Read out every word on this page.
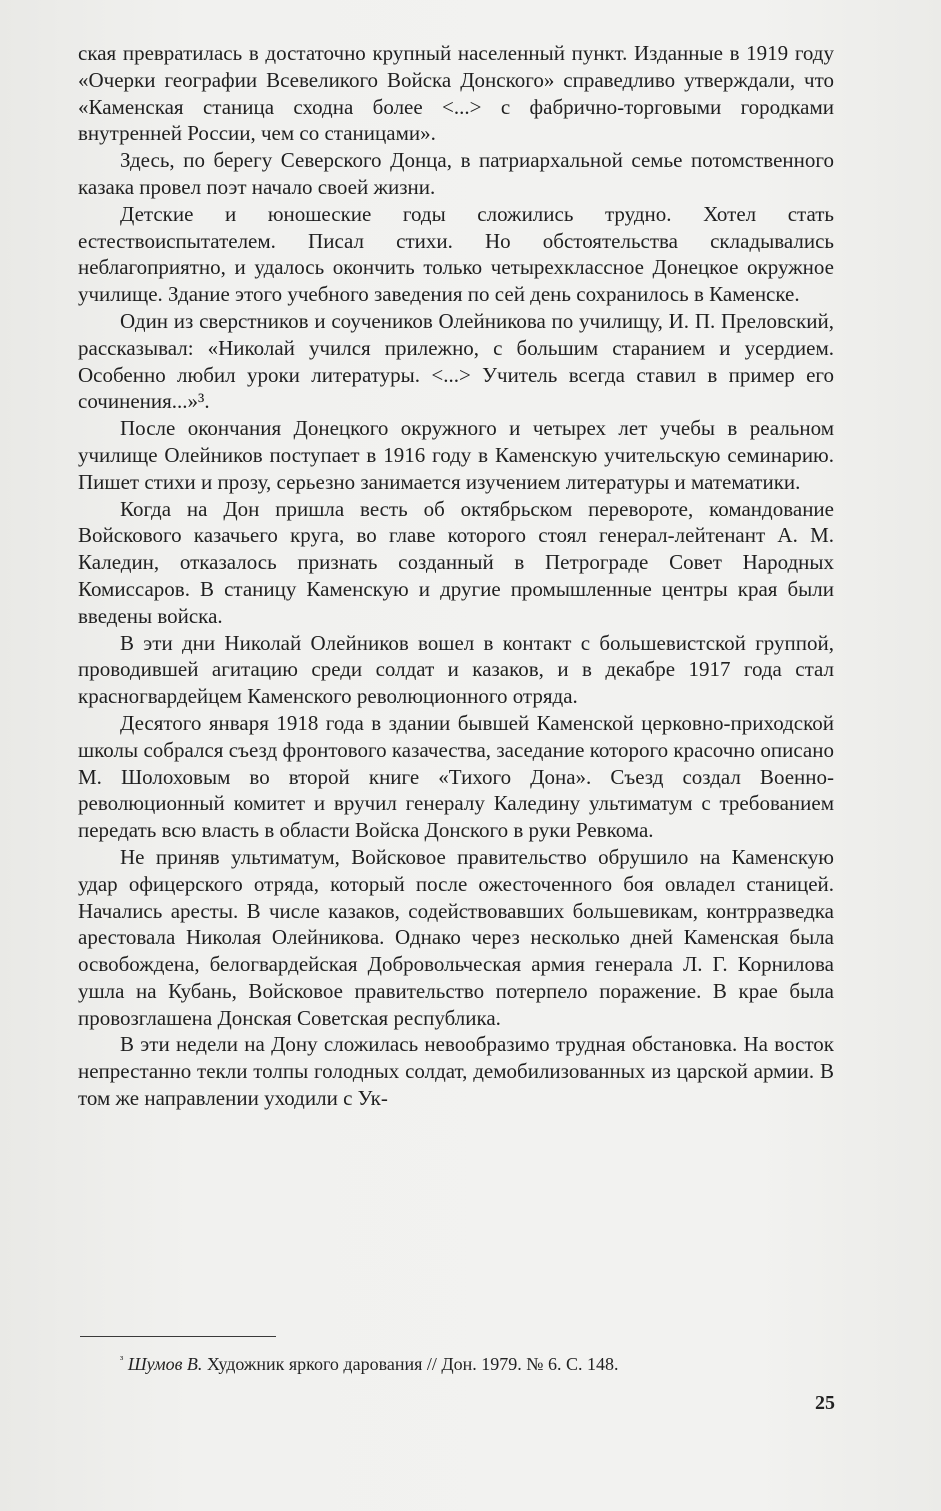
ская превратилась в достаточно крупный населенный пункт. Изданные в 1919 году «Очерки географии Всевеликого Войска Донского» справедливо утверждали, что «Каменская станица сходна более <...> с фабрично-торговыми городками внутренней России, чем со станицами».

Здесь, по берегу Северского Донца, в патриархальной семье потомственного казака провел поэт начало своей жизни.

Детские и юношеские годы сложились трудно. Хотел стать естествоиспытателем. Писал стихи. Но обстоятельства складывались неблагоприятно, и удалось окончить только четырехклассное Донецкое окружное училище. Здание этого учебного заведения по сей день сохранилось в Каменске.

Один из сверстников и соучеников Олейникова по училищу, И. П. Преловский, рассказывал: «Николай учился прилежно, с большим старанием и усердием. Особенно любил уроки литературы. <...> Учитель всегда ставил в пример его сочинения...»³.

После окончания Донецкого окружного и четырех лет учебы в реальном училище Олейников поступает в 1916 году в Каменскую учительскую семинарию. Пишет стихи и прозу, серьезно занимается изучением литературы и математики.

Когда на Дон пришла весть об октябрьском перевороте, командование Войскового казачьего круга, во главе которого стоял генерал-лейтенант А. М. Каледин, отказалось признать созданный в Петрограде Совет Народных Комиссаров. В станицу Каменскую и другие промышленные центры края были введены войска.

В эти дни Николай Олейников вошел в контакт с большевистской группой, проводившей агитацию среди солдат и казаков, и в декабре 1917 года стал красногвардейцем Каменского революционного отряда.

Десятого января 1918 года в здании бывшей Каменской церковно-приходской школы собрался съезд фронтового казачества, заседание которого красочно описано М. Шолоховым во второй книге «Тихого Дона». Съезд создал Военно-революционный комитет и вручил генералу Каледину ультиматум с требованием передать всю власть в области Войска Донского в руки Ревкома.

Не приняв ультиматум, Войсковое правительство обрушило на Каменскую удар офицерского отряда, который после ожесточенного боя овладел станицей. Начались аресты. В числе казаков, содействовавших большевикам, контрразведка арестовала Николая Олейникова. Однако через несколько дней Каменская была освобождена, белогвардейская Добровольческая армия генерала Л. Г. Корнилова ушла на Кубань, Войсковое правительство потерпело поражение. В крае была провозглашена Донская Советская республика.

В эти недели на Дону сложилась невообразимо трудная обстановка. На восток непрестанно текли толпы голодных солдат, демобилизованных из царской армии. В том же направлении уходили с Ук-

$^{^3}$ Шумов В. Художник яркого дарования // Дон. 1979. № 6. С. 148.
25
